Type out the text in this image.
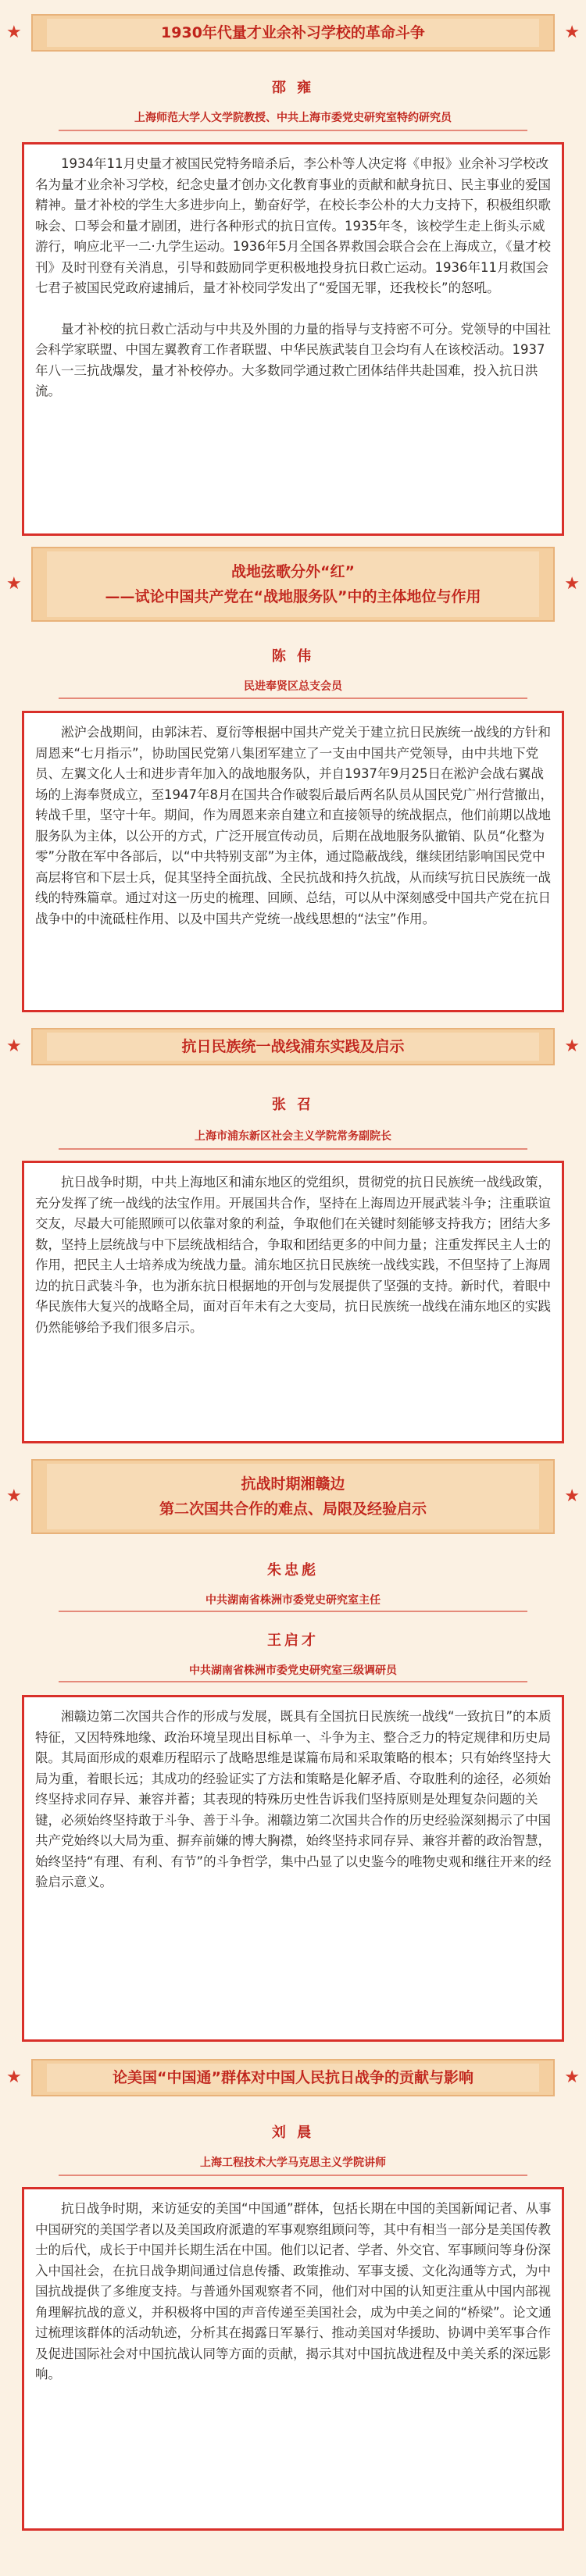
★	★
1930年代量才业余补习学校的革命斗争
邵 雍
上海师范大学人文学院教授、中共上海市委党史研究室特约研究员

1934年11月史量才被国民党特务暗杀后，李公朴等人决定将《申报》业余补习学校改名为量才业余补习学校，纪念史量才创办文化教育事业的贡献和献身抗日、民主事业的爱国精神。量才补校的学生大多进步向上，勤奋好学，在校长李公朴的大力支持下，积极组织歌咏会、口琴会和量才剧团，进行各种形式的抗日宣传。1935年冬，该校学生走上街头示威游行，响应北平一二·九学生运动。1936年5月全国各界救国会联合会在上海成立，《量才校刊》及时刊登有关消息，引导和鼓励同学更积极地投身抗日救亡运动。1936年11月救国会七君子被国民党政府逮捕后，量才补校同学发出了“爱国无罪，还我校长”的怒吼。

量才补校的抗日救亡活动与中共及外围的力量的指导与支持密不可分。党领导的中国社会科学家联盟、中国左翼教育工作者联盟、中华民族武装自卫会均有人在该校活动。1937年八一三抗战爆发，量才补校停办。大多数同学通过救亡团体结伴共赴国难，投入抗日洪流。

★	★
战地弦歌分外“红”
——试论中国共产党在“战地服务队”中的主体地位与作用
陈 伟
民进奉贤区总支会员

淞沪会战期间，由郭沫若、夏衍等根据中国共产党关于建立抗日民族统一战线的方针和周恩来“七月指示”，协助国民党第八集团军建立了一支由中国共产党领导，由中共地下党员、左翼文化人士和进步青年加入的战地服务队，并自1937年9月25日在淞沪会战右翼战场的上海奉贤成立，至1947年8月在国共合作破裂后最后两名队员从国民党广州行营撤出，转战千里，坚守十年。期间，作为周恩来亲自建立和直接领导的统战据点，他们前期以战地服务队为主体，以公开的方式，广泛开展宣传动员，后期在战地服务队撤销、队员“化整为零”分散在军中各部后，以“中共特别支部”为主体，通过隐蔽战线，继续团结影响国民党中高层将官和下层士兵，促其坚持全面抗战、全民抗战和持久抗战，从而续写抗日民族统一战线的特殊篇章。通过对这一历史的梳理、回顾、总结，可以从中深刻感受中国共产党在抗日战争中的中流砥柱作用、以及中国共产党统一战线思想的“法宝”作用。

★	★
抗日民族统一战线浦东实践及启示
张 召
上海市浦东新区社会主义学院常务副院长

抗日战争时期，中共上海地区和浦东地区的党组织，贯彻党的抗日民族统一战线政策，充分发挥了统一战线的法宝作用。开展国共合作，坚持在上海周边开展武装斗争；注重联谊交友，尽最大可能照顾可以依靠对象的利益，争取他们在关键时刻能够支持我方；团结大多数，坚持上层统战与中下层统战相结合，争取和团结更多的中间力量；注重发挥民主人士的作用，把民主人士培养成为统战力量。浦东地区抗日民族统一战线实践，不但坚持了上海周边的抗日武装斗争，也为浙东抗日根据地的开创与发展提供了坚强的支持。新时代，着眼中华民族伟大复兴的战略全局，面对百年未有之大变局，抗日民族统一战线在浦东地区的实践仍然能够给予我们很多启示。

★	★
抗战时期湘赣边
第二次国共合作的难点、局限及经验启示
朱忠彪
中共湖南省株洲市委党史研究室主任
王启才
中共湖南省株洲市委党史研究室三级调研员

湘赣边第二次国共合作的形成与发展，既具有全国抗日民族统一战线“一致抗日”的本质特征，又因特殊地缘、政治环境呈现出目标单一、斗争为主、整合乏力的特定规律和历史局限。其局面形成的艰难历程昭示了战略思维是谋篇布局和采取策略的根本；只有始终坚持大局为重，着眼长远；其成功的经验证实了方法和策略是化解矛盾、夺取胜利的途径，必须始终坚持求同存异、兼容并蓄；其表现的特殊历史性告诉我们坚持原则是处理复杂问题的关键，必须始终坚持敢于斗争、善于斗争。湘赣边第二次国共合作的历史经验深刻揭示了中国共产党始终以大局为重、摒弃前嫌的博大胸襟，始终坚持求同存异、兼容并蓄的政治智慧，始终坚持“有理、有利、有节”的斗争哲学，集中凸显了以史鉴今的唯物史观和继往开来的经验启示意义。

★	★
论美国“中国通”群体对中国人民抗日战争的贡献与影响
刘 晨
上海工程技术大学马克思主义学院讲师

抗日战争时期，来访延安的美国“中国通”群体，包括长期在中国的美国新闻记者、从事中国研究的美国学者以及美国政府派遣的军事观察组顾问等，其中有相当一部分是美国传教士的后代，成长于中国并长期生活在中国。他们以记者、学者、外交官、军事顾问等身份深入中国社会，在抗日战争期间通过信息传播、政策推动、军事支援、文化沟通等方式，为中国抗战提供了多维度支持。与普通外国观察者不同，他们对中国的认知更注重从中国内部视角理解抗战的意义，并积极将中国的声音传递至美国社会，成为中美之间的“桥梁”。论文通过梳理该群体的活动轨迹，分析其在揭露日军暴行、推动美国对华援助、协调中美军事合作及促进国际社会对中国抗战认同等方面的贡献，揭示其对中国抗战进程及中美关系的深远影响。
